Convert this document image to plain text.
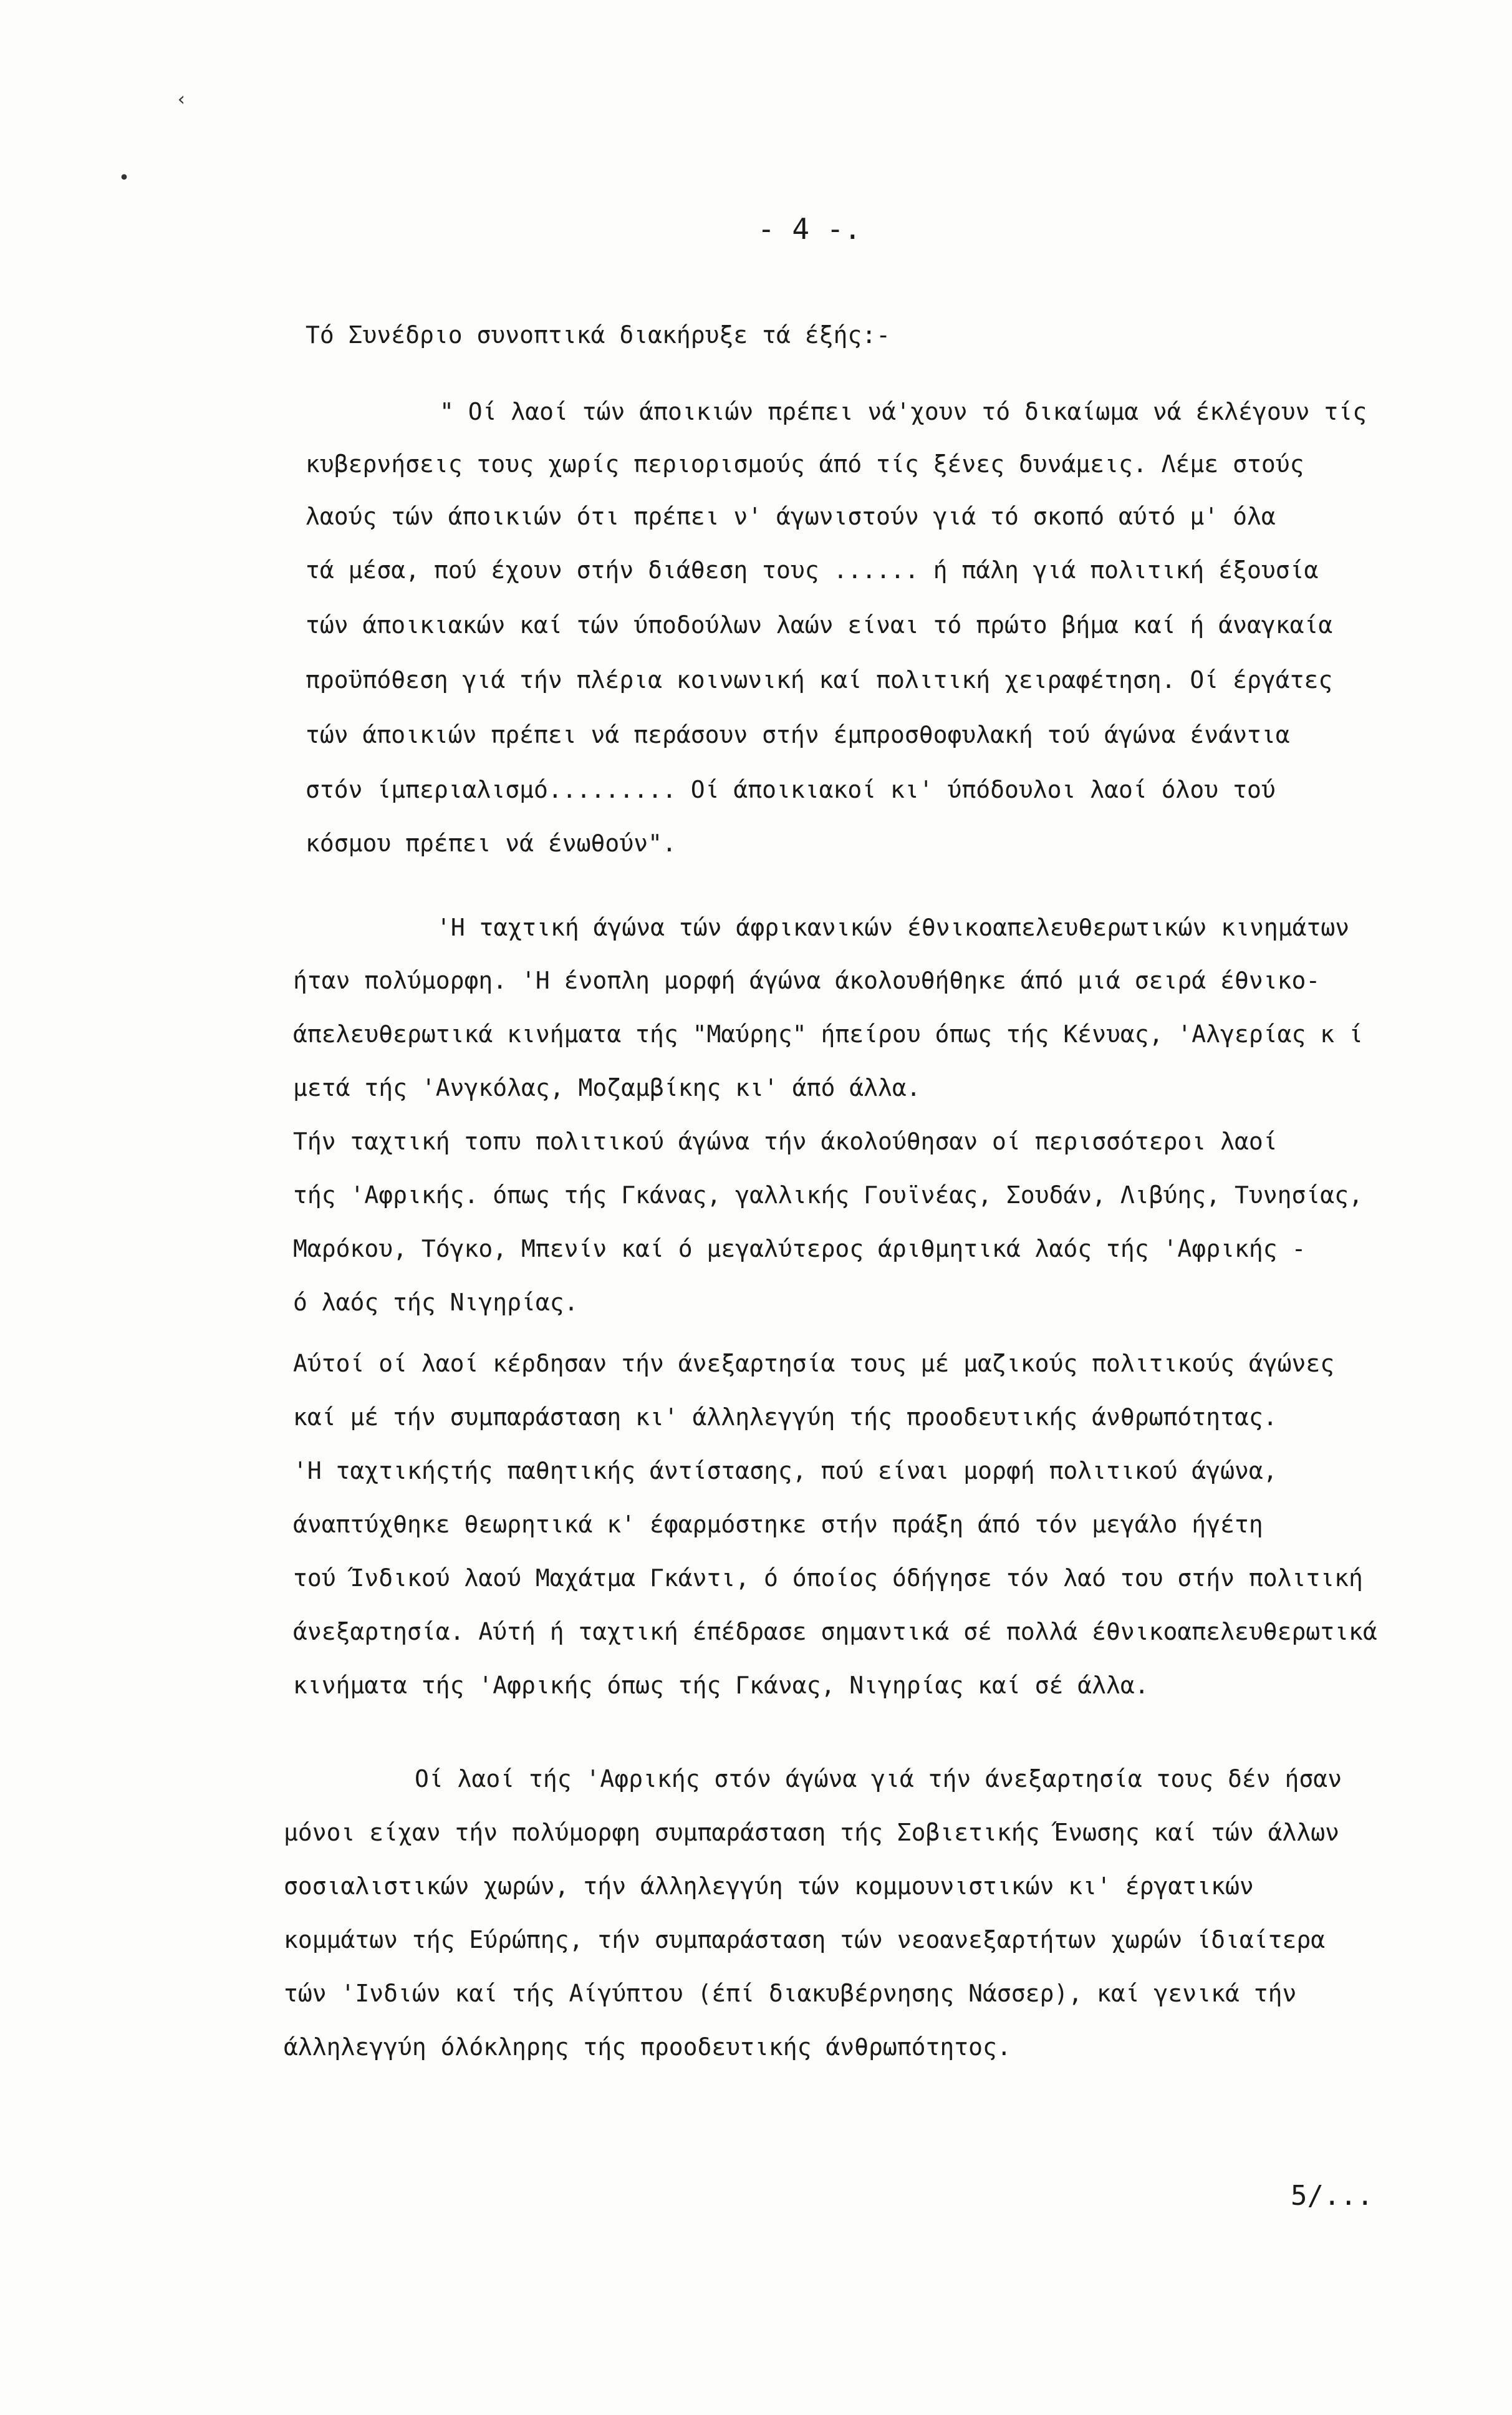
‹
•
- 4 -.
Τό Συνέδριο συνοπτικά διακήρυξε τά έξής:-
" Οί λαοί τών άποικιών πρέπει νά'χουν τό δικαίωμα νά έκλέγουν τίς
κυβερνήσεις τους χωρίς περιορισμούς άπό τίς ξένες δυνάμεις. Λέμε στούς
λαούς τών άποικιών ότι πρέπει ν' άγωνιστούν γιά τό σκοπό αύτό μ' όλα
τά μέσα, πού έχουν στήν διάθεση τους ...... ή πάλη γιά πολιτική έξουσία
τών άποικιακών καί τών ύποδούλων λαών είναι τό πρώτο βήμα καί ή άναγκαία
προϋπόθεση γιά τήν πλέρια κοινωνική καί πολιτική χειραφέτηση. Οί έργάτες
τών άποικιών πρέπει νά περάσουν στήν έμπροσθοφυλακή τού άγώνα ένάντια
στόν ίμπεριαλισμό......... Οί άποικιακοί κι' ύπόδουλοι λαοί όλου τού
κόσμου πρέπει νά ένωθούν".
'Η ταχτική άγώνα τών άφρικανικών έθνικοαπελευθερωτικών κινημάτων
ήταν πολύμορφη. 'Η ένοπλη μορφή άγώνα άκολουθήθηκε άπό μιά σειρά έθνικο-
άπελευθερωτικά κινήματα τής "Μαύρης" ήπείρου όπως τής Κένυας, 'Αλγερίας κ ί
μετά τής 'Ανγκόλας, Μοζαμβίκης κι' άπό άλλα.
Τήν ταχτική τοπυ πολιτικού άγώνα τήν άκολούθησαν οί περισσότεροι λαοί
τής 'Αφρικής. όπως τής Γκάνας, γαλλικής Γουϊνέας, Σουδάν, Λιβύης, Τυνησίας,
Μαρόκου, Τόγκο, Μπενίν καί ό μεγαλύτερος άριθμητικά λαός τής 'Αφρικής -
ό λαός τής Νιγηρίας.
Αύτοί οί λαοί κέρδησαν τήν άνεξαρτησία τους μέ μαζικούς πολιτικούς άγώνες
καί μέ τήν συμπαράσταση κι' άλληλεγγύη τής προοδευτικής άνθρωπότητας.
'Η ταχτικήςτής παθητικής άντίστασης, πού είναι μορφή πολιτικού άγώνα,
άναπτύχθηκε θεωρητικά κ' έφαρμόστηκε στήν πράξη άπό τόν μεγάλο ήγέτη
τού Ίνδικού λαού Μαχάτμα Γκάντι, ό όποίος όδήγησε τόν λαό του στήν πολιτική
άνεξαρτησία. Αύτή ή ταχτική έπέδρασε σημαντικά σέ πολλά έθνικοαπελευθερωτικά
κινήματα τής 'Αφρικής όπως τής Γκάνας, Νιγηρίας καί σέ άλλα.
Οί λαοί τής 'Αφρικής στόν άγώνα γιά τήν άνεξαρτησία τους δέν ήσαν
μόνοι είχαν τήν πολύμορφη συμπαράσταση τής Σοβιετικής Ένωσης καί τών άλλων
σοσιαλιστικών χωρών, τήν άλληλεγγύη τών κομμουνιστικών κι' έργατικών
κομμάτων τής Εύρώπης, τήν συμπαράσταση τών νεοανεξαρτήτων χωρών ίδιαίτερα
τών 'Ινδιών καί τής Αίγύπτου (έπί διακυβέρνησης Νάσσερ), καί γενικά τήν
άλληλεγγύη όλόκληρης τής προοδευτικής άνθρωπότητος.
5/...
